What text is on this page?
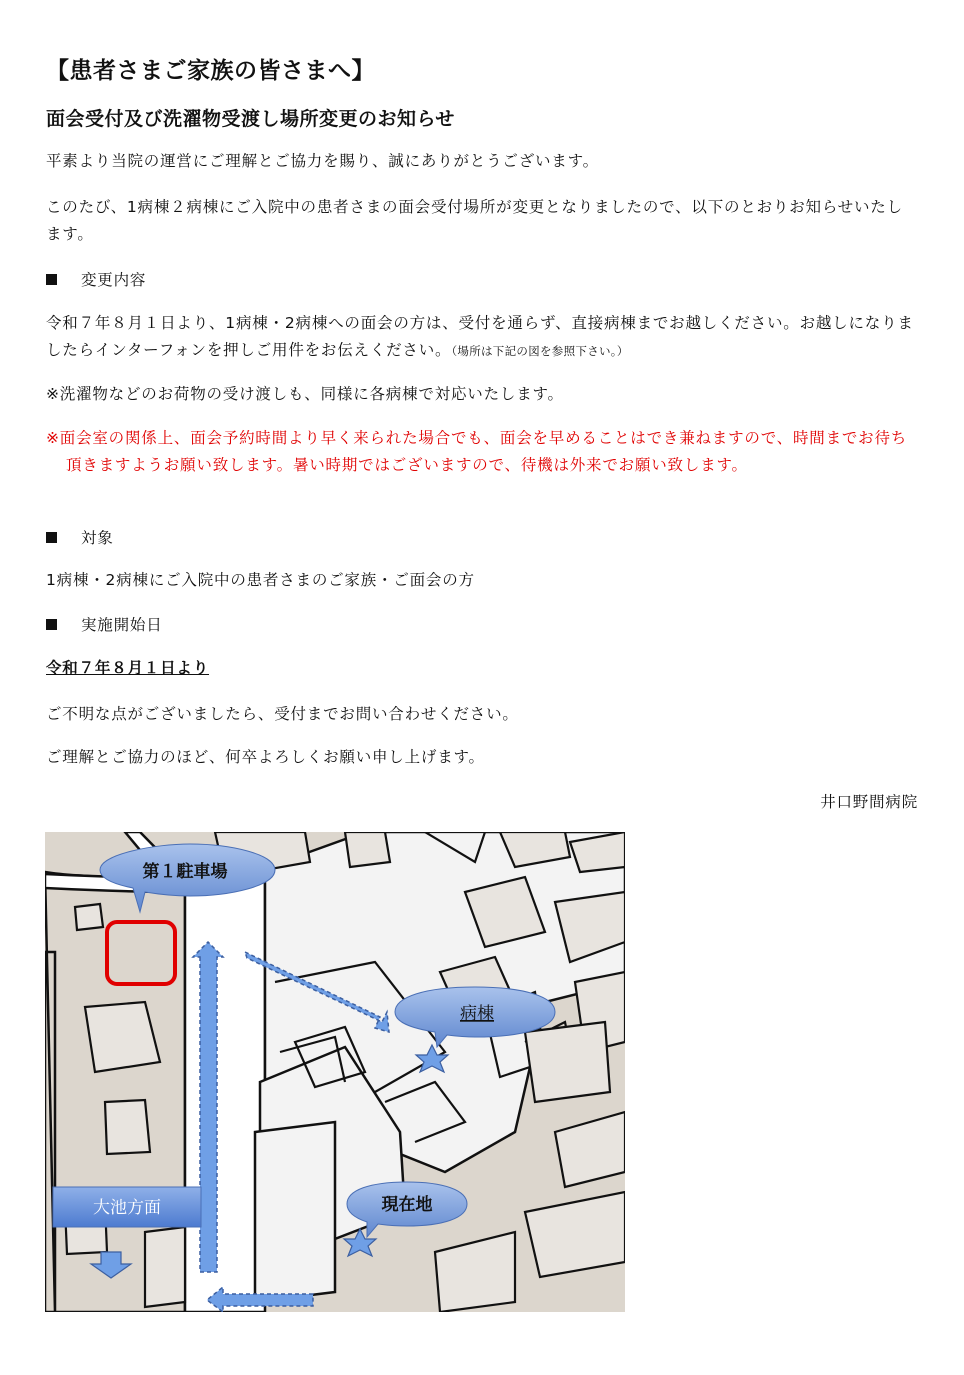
【患者さまご家族の皆さまへ】
面会受付及び洗濯物受渡し場所変更のお知らせ
平素より当院の運営にご理解とご協力を賜り、誠にありがとうございます。
このたび、1病棟２病棟にご入院中の患者さまの面会受付場所が変更となりましたので、以下のとおりお知らせいたします。
変更内容
令和７年８月１日より、1病棟・2病棟への面会の方は、受付を通らず、直接病棟までお越しください。お越しになりましたらインターフォンを押しご用件をお伝えください。（場所は下記の図を参照下さい。）
※洗濯物などのお荷物の受け渡しも、同様に各病棟で対応いたします。
※面会室の関係上、面会予約時間より早く来られた場合でも、面会を早めることはでき兼ねますので、時間までお待ち頂きますようお願い致します。暑い時期ではございますので、待機は外来でお願い致します。
対象
1病棟・2病棟にご入院中の患者さまのご家族・ご面会の方
実施開始日
令和７年８月１日より
ご不明な点がございましたら、受付までお問い合わせください。
ご理解とご協力のほど、何卒よろしくお願い申し上げます。
井口野間病院
第１駐車場
病棟
現在地
大池方面
